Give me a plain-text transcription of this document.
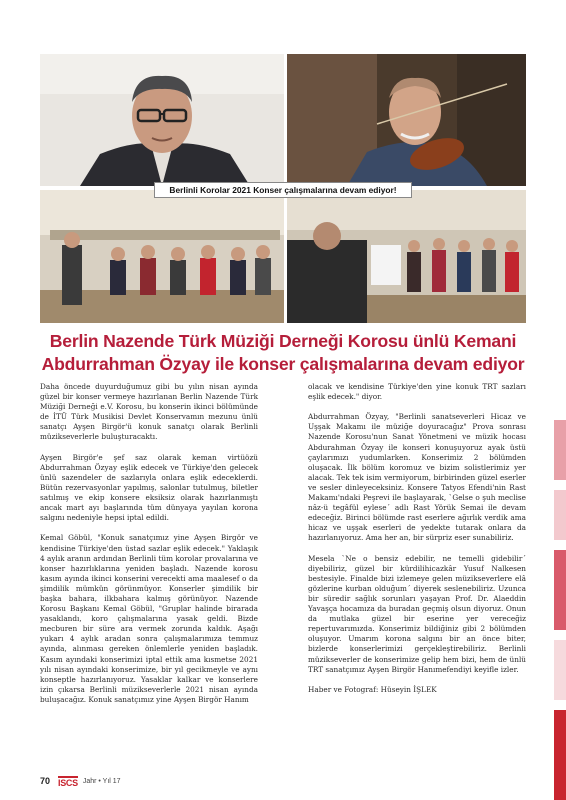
Berlinli Korolar 2021 Konser çalışmalarına devam ediyor!
Berlin Nazende Türk Müziği Derneği Korosu ünlü Kemani
Abdurrahman Özyay ile konser çalışmalarına devam ediyor

Daha öncede duyurduğumuz gibi bu yılın nisan ayında güzel bir konser vermeye hazırlanan Berlin Nazende Türk Müziği Derneği e.V. Korosu, bu konserin ikinci bölümünde de İTÜ Türk Musikisi Devlet Konservamın mezunu ünlü sanatçı Ayşen Birgör'ü konuk sanatçı olarak Berlinli müzikseverlerle buluşturacaktı.

Ayşen Birgör'e şef saz olarak keman virtüözü Abdurrahman Özyay eşlik edecek ve Türkiye'den gelecek ünlü sazendeler de sazlarıyla onlara eşlik edeceklerdi. Bütün rezervasyonlar yapılmış, salonlar tutulmuş, biletler satılmış ve ekip konsere eksiksiz olarak hazırlanmıştı ancak mart ayı başlarında tüm dünyaya yayılan korona salgını nedeniyle hepsi iptal edildi.

Kemal Göbül, "Konuk sanatçımız yine Ayşen Birgör ve kendisine Türkiye'den üstad sazlar eşlik edecek." Yaklaşık 4 aylık aranın ardından Berlinli tüm korolar provalarına ve konser hazırlıklarına yeniden başladı. Nazende korosu kasım ayında ikinci konserini verecekti ama maalesef o da şimdilik mümkün görünmüyor. Konserler şimdilik bir başka bahara, ilkbahara kalmış görünüyor. Nazende Korosu Başkanı Kemal Göbül, "Gruplar halinde birarada yasaklandı, koro çalışmalarına yasak geldi. Bizde mecburen bir süre ara vermek zorunda kaldık. Aşağı yukarı 4 aylık aradan sonra çalışmalarımıza temmuz ayında, alınması gereken önlemlerle yeniden başladık. Kasım ayındaki konserimizi iptal ettik ama kısmetse 2021 yılı nisan ayındaki konserimize, bir yıl gecikmeyle ve aynı konseptle hazırlanıyoruz. Yasaklar kalkar ve konserlere izin çıkarsa Berlinli müzikseverlerle 2021 nisan ayında buluşacağız. Konuk sanatçımız yine Ayşen Birgör Hanım

olacak ve kendisine Türkiye'den yine konuk TRT sazları eşlik edecek." diyor.

Abdurrahman Özyay, "Berlinli sanatseverleri Hicaz ve Uşşak Makamı ile müziğe doyuracağız" Prova sonrası Nazende Korosu'nun Sanat Yönetmeni ve müzik hocası Abdurahman Özyay ile konseri konuşuyoruz ayak üstü çaylarımızı yudumlarken. Konserimiz 2 bölümden oluşacak. İlk bölüm koromuz ve bizim solistlerimiz yer alacak. Tek tek isim vermiyorum, birbirinden güzel eserler ve sesler dinleyeceksiniz. Konsere Tatyos Efendi'nin Rast Makamı'ndaki Peşrevi ile başlayarak, `Gelse o şuh meclise nâz-ü tegâfül eylese´ adlı Rast Yörük Semai ile devam edeceğiz. Birinci bölümde rast eserlere ağırlık verdik ama hicaz ve uşşak eserleri de yedekte tutarak onlara da hazırlanıyoruz. Ama her an, bir sürpriz eser sunabiliriz.

Mesela `Ne o bensiz edebilir, ne temelli gidebilir´ diyebiliriz, güzel bir kürdilihicazkâr Yusuf Nalkesen bestesiyle. Finalde bizi izlemeye gelen müzikseverlere elâ gözlerine kurban olduğum´ diyerek seslenebiliriz. Uzunca bir süredir sağlık sorunları yaşayan Prof. Dr. Alaeddin Yavaşça hocamıza da buradan geçmiş olsun diyoruz. Onun da mutlaka güzel bir eserine yer vereceğiz repertuvarımızda. Konserimiz bildiğiniz gibi 2 bölümden oluşuyor. Umarım korona salgını bir an önce biter, bizlerde konserlerimizi gerçekleştirebiliriz. Berlinli müzikseverler de konserimize gelip hem bizi, hem de ünlü TRT sanatçımız Ayşen Birgör Hanımefendiyi keyifle izler.

Haber ve Fotograf: Hüseyin İŞLEK

70 ISCS Jahr • Yıl 17
